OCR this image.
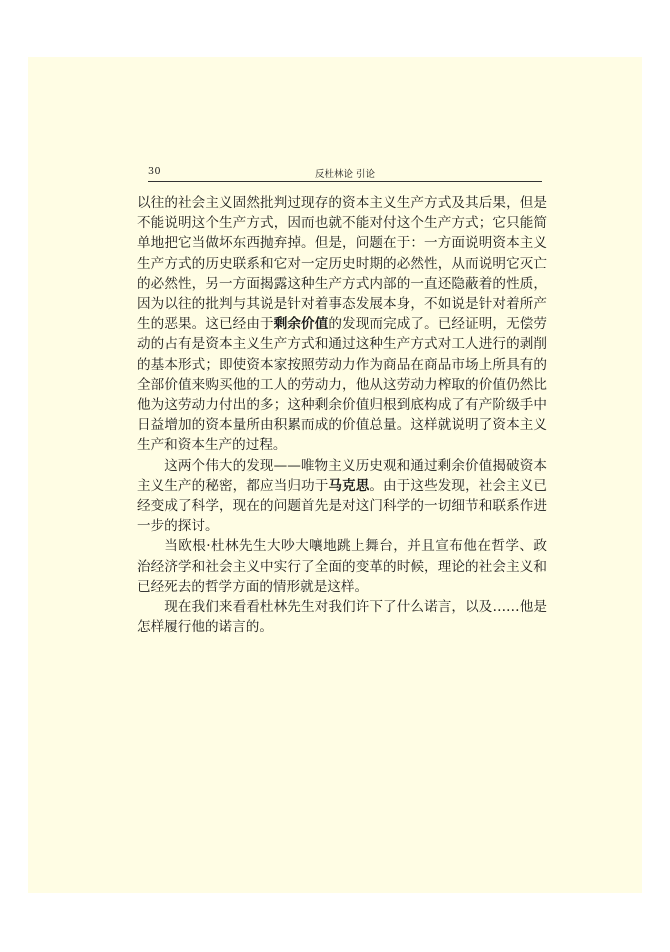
30	反杜林论 引论

以往的社会主义固然批判过现存的资本主义生产方式及其后果，但是不能说明这个生产方式，因而也就不能对付这个生产方式；它只能简单地把它当做坏东西抛弃掉。但是，问题在于：一方面说明资本主义生产方式的历史联系和它对一定历史时期的必然性，从而说明它灭亡的必然性，另一方面揭露这种生产方式内部的一直还隐蔽着的性质，因为以往的批判与其说是针对着事态发展本身，不如说是针对着所产生的恶果。这已经由于剩余价值的发现而完成了。已经证明，无偿劳动的占有是资本主义生产方式和通过这种生产方式对工人进行的剥削的基本形式；即使资本家按照劳动力作为商品在商品市场上所具有的全部价值来购买他的工人的劳动力，他从这劳动力榨取的价值仍然比他为这劳动力付出的多；这种剩余价值归根到底构成了有产阶级手中日益增加的资本量所由积累而成的价值总量。这样就说明了资本主义生产和资本生产的过程。

这两个伟大的发现——唯物主义历史观和通过剩余价值揭破资本主义生产的秘密，都应当归功于马克思。由于这些发现，社会主义已经变成了科学，现在的问题首先是对这门科学的一切细节和联系作进一步的探讨。

当欧根·杜林先生大吵大嚷地跳上舞台，并且宣布他在哲学、政治经济学和社会主义中实行了全面的变革的时候，理论的社会主义和已经死去的哲学方面的情形就是这样。

现在我们来看看杜林先生对我们许下了什么诺言，以及……他是怎样履行他的诺言的。
